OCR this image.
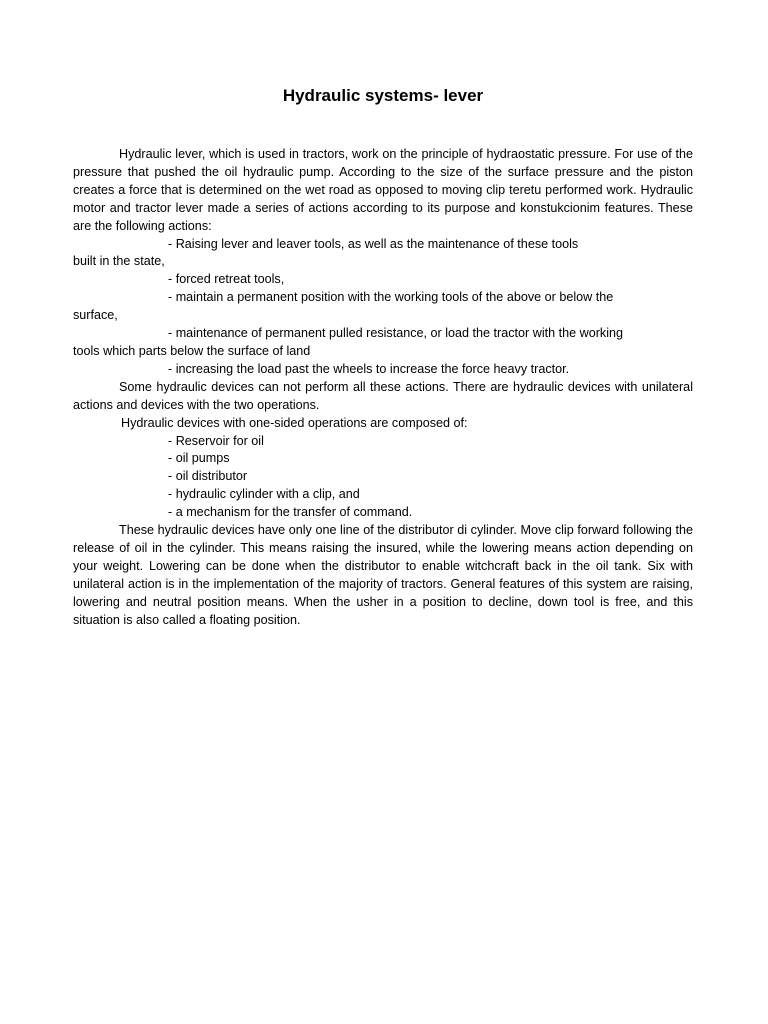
Hydraulic systems- lever

Hydraulic lever, which is used in tractors, work on the principle of hydraostatic pressure. For use of the pressure that pushed the oil hydraulic pump. According to the size of the surface pressure and the piston creates a force that is determined on the wet road as opposed to moving clip teretu performed work. Hydraulic motor and tractor lever made a series of actions according to its purpose and konstukcionim features. These are the following actions:

- Raising lever and leaver tools, as well as the maintenance of these tools

built in the state,

- forced retreat tools,

- maintain a permanent position with the working tools of the above or below the

surface,

- maintenance of permanent pulled resistance, or load the tractor with the working

tools which parts below the surface of land

- increasing the load past the wheels to increase the force heavy tractor.

Some hydraulic devices can not perform all these actions. There are hydraulic devices with unilateral actions and devices with the two operations.

Hydraulic devices with one-sided operations are composed of:

- Reservoir for oil

- oil pumps

- oil distributor

- hydraulic cylinder with a clip, and

- a mechanism for the transfer of command.

These hydraulic devices have only one line of the distributor di cylinder. Move clip forward following the release of oil in the cylinder. This means raising the insured, while the lowering means action depending on your weight. Lowering can be done when the distributor to enable witchcraft back in the oil tank. Six with unilateral action is in the implementation of the majority of tractors. General features of this system are raising, lowering and neutral position means. When the usher in a position to decline, down tool is free, and this situation is also called a floating position.
